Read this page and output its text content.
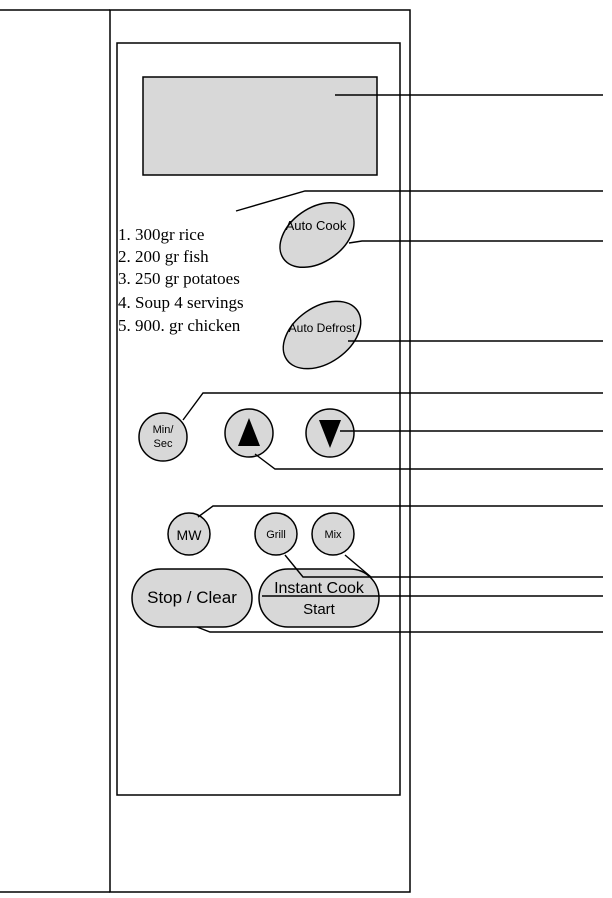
1. 300gr rice
2. 200 gr fish
3. 250 gr potatoes
4. Soup 4 servings
5. 900. gr chicken
Auto Cook
Auto Defrost
Min/
Sec
MW	Grill	Mix
Stop / Clear Instant Cook
Start
